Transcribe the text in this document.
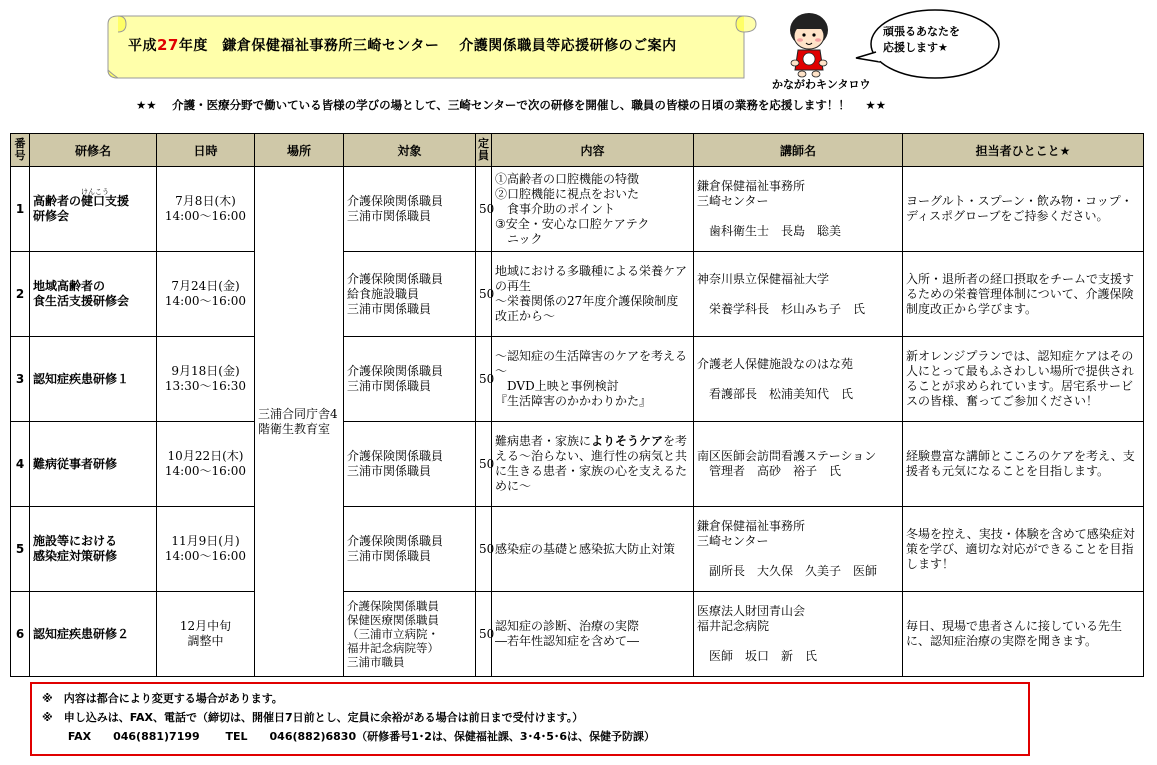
平成27年度　鎌倉保健福祉事務所三崎センター　 介護関係職員等応援研修のご案内
かながわキンタロウ
頑張るあなたを
応援します★
★★　 介護・医療分野で働いている皆様の学びの場として、三崎センターで次の研修を開催し、職員の皆様の日頃の業務を応援します！！　 ★★
番
号	研修名	日時	場所	対象	定
員	内容	講師名	担当者ひとこと★
1	高齢者の
けんこう
健口支援
研修会	7月8日(木)
14:00～16:00	三浦合同庁舎4階衛生教育室	介護保険関係職員
三浦市関係職員	50	①高齢者の口腔機能の特徴
②口腔機能に視点をおいた
　食事介助のポイント
③安全・安心な口腔ケアテク
　ニック	鎌倉保健福祉事務所
三崎センター

　歯科衛生士　長島　聡美	ヨーグルト・スプーン・飲み物・コップ・ディスポグローブをご持参ください。
2	地域高齢者の
食生活支援研修会	7月24日(金)
14:00～16:00		介護保険関係職員
給食施設職員
三浦市関係職員	50	地域における多職種による栄養ケアの再生
～栄養関係の27年度介護保険制度改正から～	神奈川県立保健福祉大学

　栄養学科長　杉山みち子　氏	入所・退所者の経口摂取をチームで支援するための栄養管理体制について、介護保険制度改正から学びます。
3	認知症疾患研修１	9月18日(金)
13:30～16:30		介護保険関係職員
三浦市関係職員	50	～認知症の生活障害のケアを考える～
　DVD上映と事例検討
『生活障害のかかわりかた』	介護老人保健施設なのはな苑

　看護部長　松浦美知代　氏	新オレンジプランでは、認知症ケアはその人にとって最もふさわしい場所で提供されることが求められています。居宅系サービスの皆様、奮ってご参加ください！
4	難病従事者研修	10月22日(木)
14:00～16:00		介護保険関係職員
三浦市関係職員	50	難病患者・家族によりそうケアを考える～治らない、進行性の病気と共に生きる患者・家族の心を支えるために～	南区医師会訪問看護ステーション
　管理者　高砂　裕子　氏	経験豊富な講師とこころのケアを考え、支援者も元気になることを目指します。
5	施設等における
感染症対策研修	11月9日(月)
14:00～16:00		介護保険関係職員
三浦市関係職員	50	感染症の基礎と感染拡大防止対策	鎌倉保健福祉事務所
三崎センター

　副所長　大久保　久美子　医師	冬場を控え、実技・体験を含めて感染症対策を学び、適切な対応ができることを目指します！
6	認知症疾患研修２	12月中旬
調整中		介護保険関係職員
保健医療関係職員
（三浦市立病院・
福井記念病院等）
三浦市職員	50	認知症の診断、治療の実際
―若年性認知症を含めて―	医療法人財団青山会
福井記念病院

　医師　坂口　新　氏	毎日、現場で患者さんに接している先生に、認知症治療の実際を聞きます。
※　内容は都合により変更する場合があります。
※　申し込みは、FAX、電話で（締切は、開催日7日前とし、定員に余裕がある場合は前日まで受付けます。）
　　 FAX　　046(881)7199　　 TEL　　046(882)6830（研修番号1･2は、保健福祉課、3･4･5･6は、保健予防課）
